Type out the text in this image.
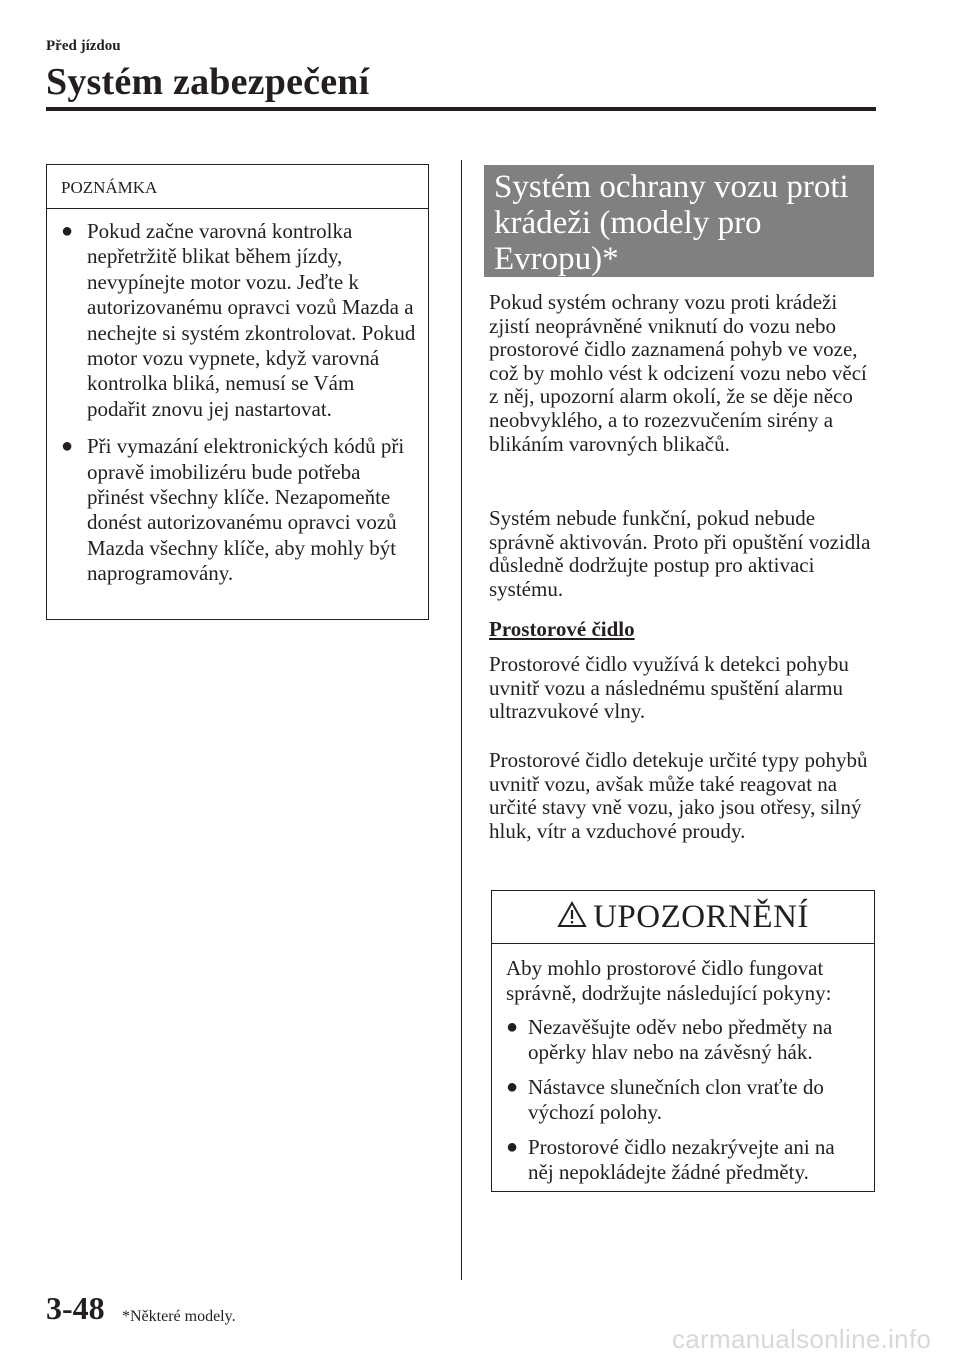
Před jízdou
Systém zabezpečení
POZNÁMKA
● Pokud začne varovná kontrolka nepřetržitě blikat během jízdy, nevypínejte motor vozu. Jeďte k autorizovanému opravci vozů Mazda a nechejte si systém zkontrolovat. Pokud motor vozu vypnete, když varovná kontrolka bliká, nemusí se Vám podařit znovu jej nastartovat.
● Při vymazání elektronických kódů při opravě imobilizéru bude potřeba přinést všechny klíče. Nezapomeňte donést autorizovanému opravci vozů Mazda všechny klíče, aby mohly být naprogramovány.
Systém ochrany vozu proti krádeži (modely pro Evropu)*

Pokud systém ochrany vozu proti krádeži zjistí neoprávněné vniknutí do vozu nebo prostorové čidlo zaznamená pohyb ve voze, což by mohlo vést k odcizení vozu nebo věcí z něj, upozorní alarm okolí, že se děje něco neobvyklého, a to rozezvučením sirény a blikáním varovných blikačů.

Systém nebude funkční, pokud nebude správně aktivován. Proto při opuštění vozidla důsledně dodržujte postup pro aktivaci systému.

Prostorové čidlo

Prostorové čidlo využívá k detekci pohybu uvnitř vozu a následnému spuštění alarmu ultrazvukové vlny.

Prostorové čidlo detekuje určité typy pohybů uvnitř vozu, avšak může také reagovat na určité stavy vně vozu, jako jsou otřesy, silný hluk, vítr a vzduchové proudy.

UPOZORNĚNÍ
Aby mohlo prostorové čidlo fungovat správně, dodržujte následující pokyny:
● Nezavěšujte oděv nebo předměty na opěrky hlav nebo na závěsný hák.
● Nástavce slunečních clon vraťte do výchozí polohy.
● Prostorové čidlo nezakrývejte ani na něj nepokládejte žádné předměty.
3-48 *Některé modely.
carmanualsonline.info
